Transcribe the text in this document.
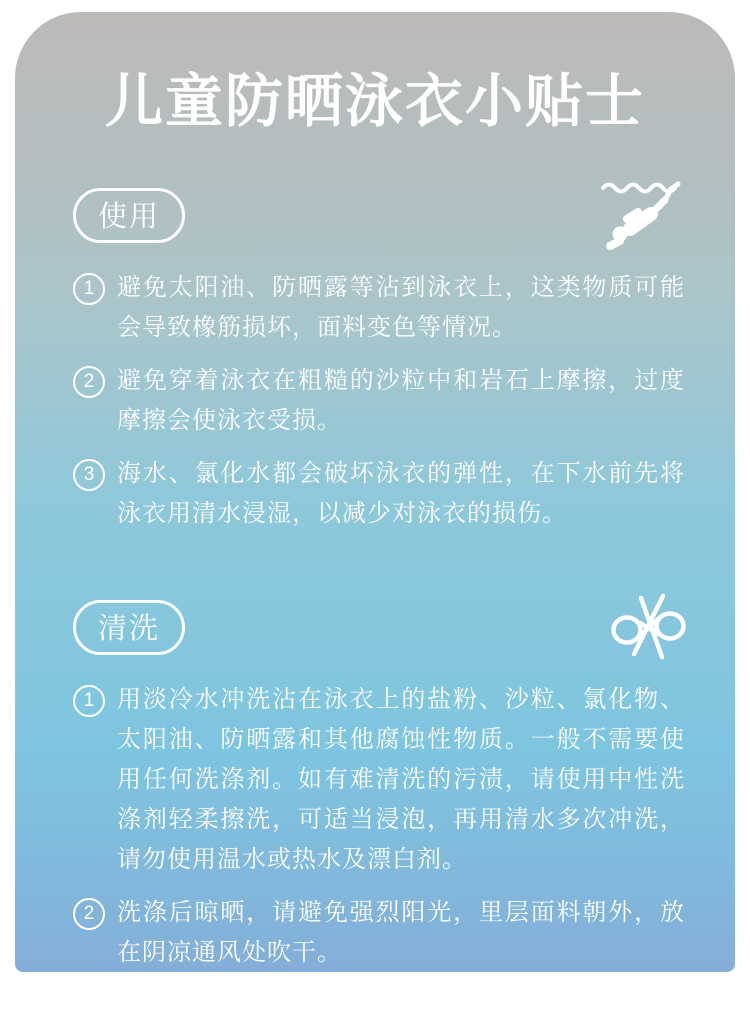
儿童防晒泳衣小贴士
使用
1 避免太阳油、防晒露等沾到泳衣上，这类物质可能会导致橡筋损坏，面料变色等情况。

2 避免穿着泳衣在粗糙的沙粒中和岩石上摩擦，过度摩擦会使泳衣受损。

3 海水、氯化水都会破坏泳衣的弹性，在下水前先将泳衣用清水浸湿，以减少对泳衣的损伤。

清洗
1 用淡冷水冲洗沾在泳衣上的盐粉、沙粒、氯化物、太阳油、防晒露和其他腐蚀性物质。一般不需要使用任何洗涤剂。如有难清洗的污渍，请使用中性洗涤剂轻柔擦洗，可适当浸泡，再用清水多次冲洗，请勿使用温水或热水及漂白剂。

2 洗涤后晾晒，请避免强烈阳光，里层面料朝外，放在阴凉通风处吹干。

3 不可洗衣机洗涤脱水烘干及熨斗熨烫。
